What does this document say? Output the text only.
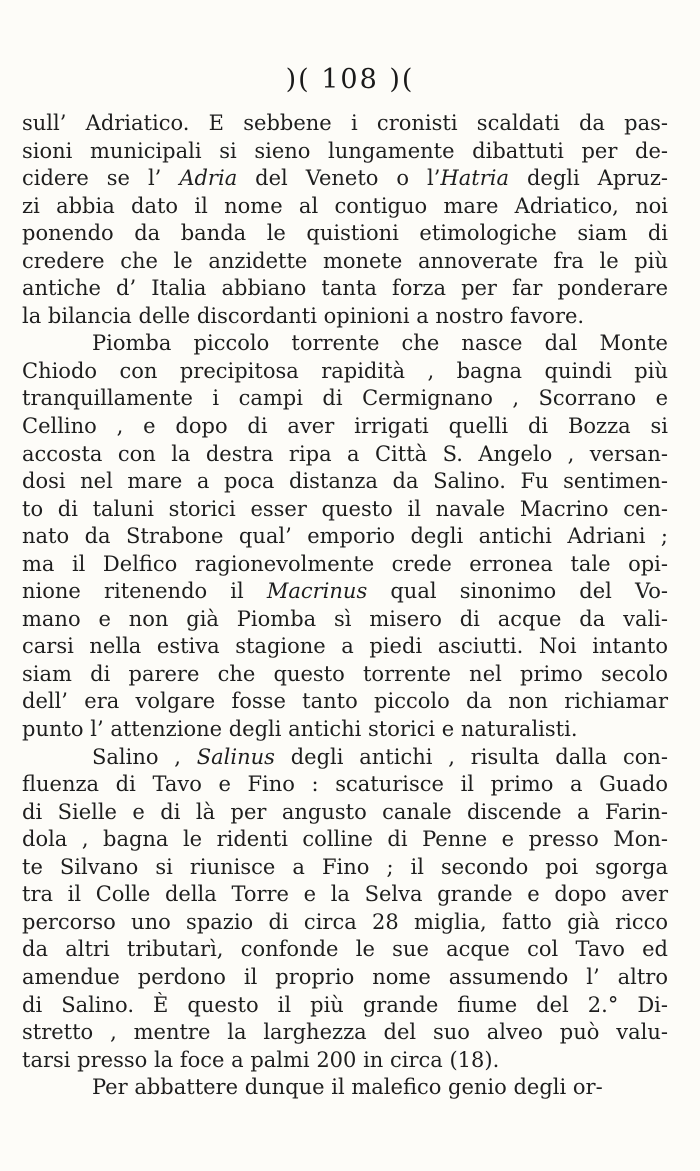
)( 108 )(
sull’ Adriatico. E sebbene i cronisti scaldati da pas-
sioni municipali si sieno lungamente dibattuti per de-
cidere se l’ Adria del Veneto o l’Hatria degli Apruz-
zi abbia dato il nome al contiguo mare Adriatico, noi
ponendo da banda le quistioni etimologiche siam di
credere che le anzidette monete annoverate fra le più
antiche d’ Italia abbiano tanta forza per far ponderare
la bilancia delle discordanti opinioni a nostro favore.
Piomba piccolo torrente che nasce dal Monte
Chiodo con precipitosa rapidità , bagna quindi più
tranquillamente i campi di Cermignano , Scorrano e
Cellino , e dopo di aver irrigati quelli di Bozza si
accosta con la destra ripa a Città S. Angelo , versan-
dosi nel mare a poca distanza da Salino. Fu sentimen-
to di taluni storici esser questo il navale Macrino cen-
nato da Strabone qual’ emporio degli antichi Adriani ;
ma il Delfico ragionevolmente crede erronea tale opi-
nione ritenendo il Macrinus qual sinonimo del Vo-
mano e non già Piomba sì misero di acque da vali-
carsi nella estiva stagione a piedi asciutti. Noi intanto
siam di parere che questo torrente nel primo secolo
dell’ era volgare fosse tanto piccolo da non richiamar
punto l’ attenzione degli antichi storici e naturalisti.
Salino , Salinus degli antichi , risulta dalla con-
fluenza di Tavo e Fino : scaturisce il primo a Guado
di Sielle e di là per angusto canale discende a Farin-
dola , bagna le ridenti colline di Penne e presso Mon-
te Silvano si riunisce a Fino ; il secondo poi sgorga
tra il Colle della Torre e la Selva grande e dopo aver
percorso uno spazio di circa 28 miglia, fatto già ricco
da altri tributarì, confonde le sue acque col Tavo ed
amendue perdono il proprio nome assumendo l’ altro
di Salino. È questo il più grande fiume del 2.° Di-
stretto , mentre la larghezza del suo alveo può valu-
tarsi presso la foce a palmi 200 in circa (18).
Per abbattere dunque il malefico genio degli or-
